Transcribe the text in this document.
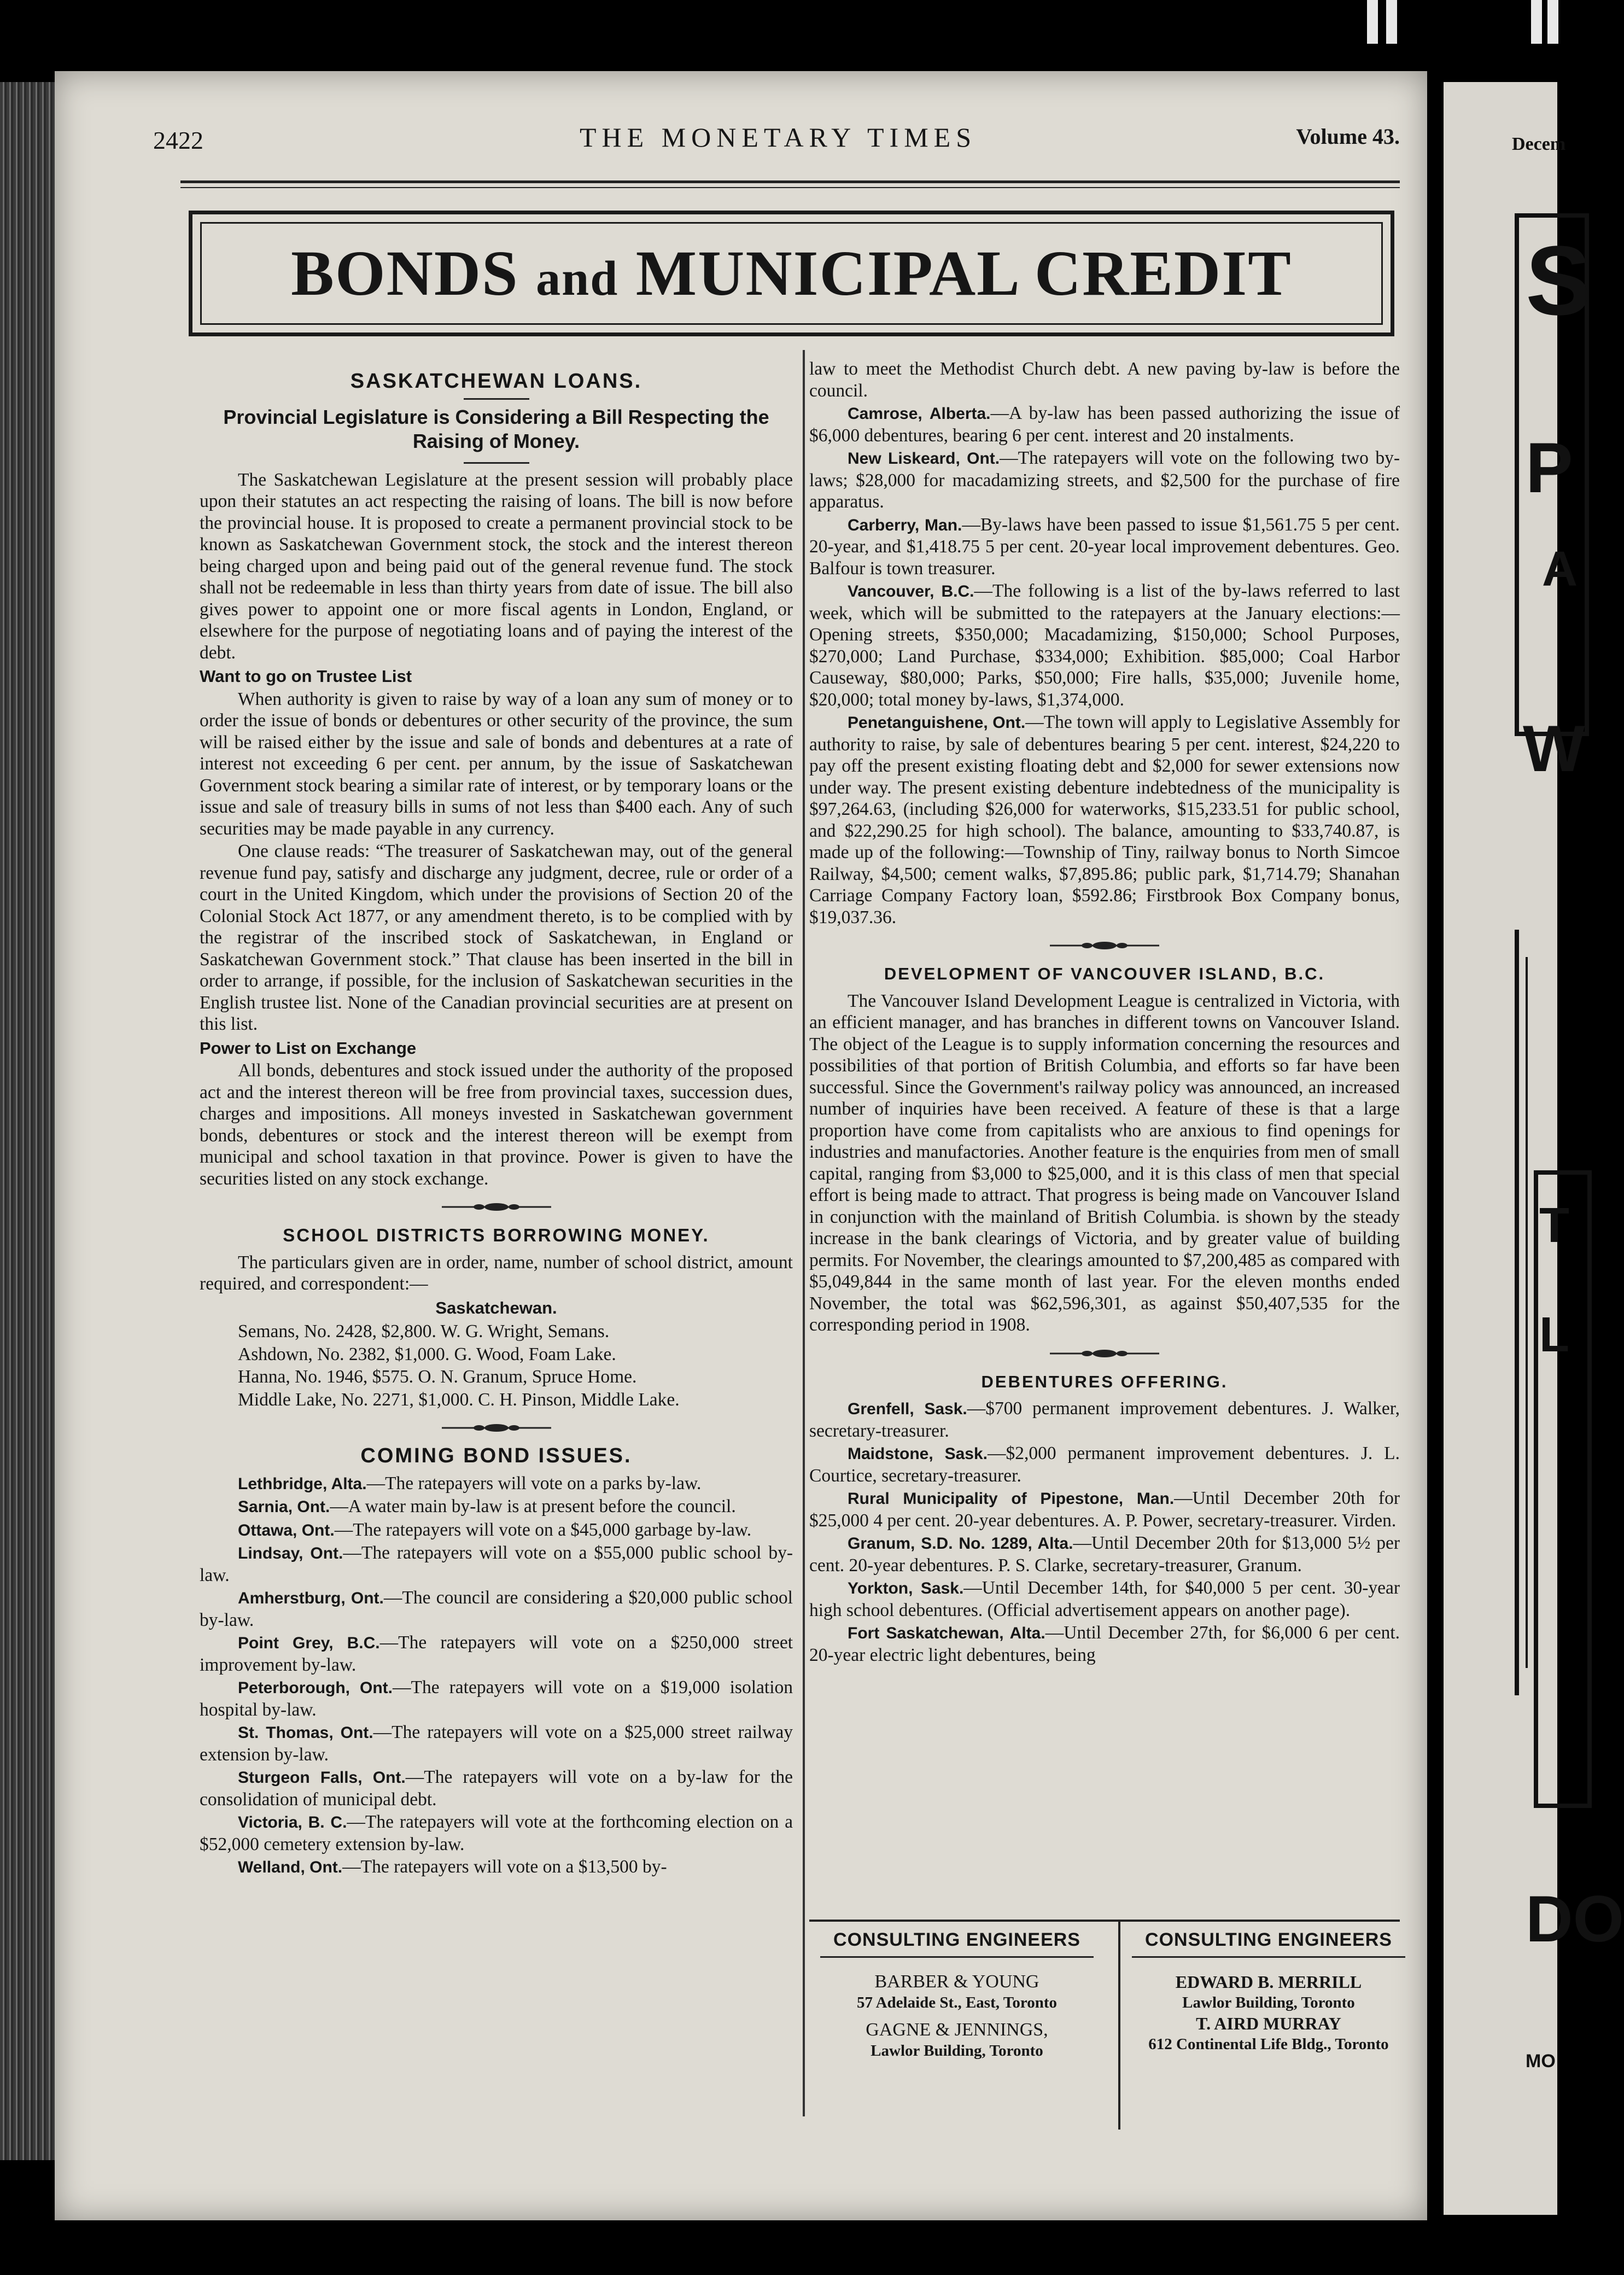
Decem
S
P
A
W
T
L
DO
MO
2422	THE MONETARY TIMES	Volume 43.
BONDS and MUNICIPAL CREDIT
SASKATCHEWAN LOANS.
Provincial Legislature is Considering a Bill Respecting the Raising of Money.

The Saskatchewan Legislature at the present session will probably place upon their statutes an act respecting the raising of loans. The bill is now before the provincial house. It is proposed to create a permanent provincial stock to be known as Saskatchewan Government stock, the stock and the interest thereon being charged upon and being paid out of the general revenue fund. The stock shall not be redeemable in less than thirty years from date of issue. The bill also gives power to appoint one or more fiscal agents in London, England, or elsewhere for the purpose of negotiating loans and of paying the interest of the debt.

Want to go on Trustee List

When authority is given to raise by way of a loan any sum of money or to order the issue of bonds or debentures or other security of the province, the sum will be raised either by the issue and sale of bonds and debentures at a rate of interest not exceeding 6 per cent. per annum, by the issue of Saskatchewan Government stock bearing a similar rate of interest, or by temporary loans or the issue and sale of treasury bills in sums of not less than $400 each. Any of such securities may be made payable in any currency.

One clause reads: “The treasurer of Saskatchewan may, out of the general revenue fund pay, satisfy and discharge any judgment, decree, rule or order of a court in the United Kingdom, which under the provisions of Section 20 of the Colonial Stock Act 1877, or any amendment thereto, is to be complied with by the registrar of the inscribed stock of Saskatchewan, in England or Saskatchewan Government stock.” That clause has been inserted in the bill in order to arrange, if possible, for the inclusion of Saskatchewan securities in the English trustee list. None of the Canadian provincial securities are at present on this list.

Power to List on Exchange

All bonds, debentures and stock issued under the authority of the proposed act and the interest thereon will be free from provincial taxes, succession dues, charges and impositions. All moneys invested in Saskatchewan government bonds, debentures or stock and the interest thereon will be exempt from municipal and school taxation in that province. Power is given to have the securities listed on any stock exchange.

SCHOOL DISTRICTS BORROWING MONEY.

The particulars given are in order, name, number of school district, amount required, and correspondent:—

Saskatchewan.

Semans, No. 2428, $2,800. W. G. Wright, Semans.

Ashdown, No. 2382, $1,000. G. Wood, Foam Lake.

Hanna, No. 1946, $575. O. N. Granum, Spruce Home.

Middle Lake, No. 2271, $1,000. C. H. Pinson, Middle Lake.

COMING BOND ISSUES.

Lethbridge, Alta.—The ratepayers will vote on a parks by-law.

Sarnia, Ont.—A water main by-law is at present before the council.

Ottawa, Ont.—The ratepayers will vote on a $45,000 garbage by-law.

Lindsay, Ont.—The ratepayers will vote on a $55,000 public school by-law.

Amherstburg, Ont.—The council are considering a $20,000 public school by-law.

Point Grey, B.C.—The ratepayers will vote on a $250,000 street improvement by-law.

Peterborough, Ont.—The ratepayers will vote on a $19,000 isolation hospital by-law.

St. Thomas, Ont.—The ratepayers will vote on a $25,000 street railway extension by-law.

Sturgeon Falls, Ont.—The ratepayers will vote on a by-law for the consolidation of municipal debt.

Victoria, B. C.—The ratepayers will vote at the forthcoming election on a $52,000 cemetery extension by-law.

Welland, Ont.—The ratepayers will vote on a $13,500 by-

law to meet the Methodist Church debt. A new paving by-law is before the council.

Camrose, Alberta.—A by-law has been passed authorizing the issue of $6,000 debentures, bearing 6 per cent. interest and 20 instalments.

New Liskeard, Ont.—The ratepayers will vote on the following two by-laws; $28,000 for macadamizing streets, and $2,500 for the purchase of fire apparatus.

Carberry, Man.—By-laws have been passed to issue $1,561.75 5 per cent. 20-year, and $1,418.75 5 per cent. 20-year local improvement debentures. Geo. Balfour is town treasurer.

Vancouver, B.C.—The following is a list of the by-laws referred to last week, which will be submitted to the ratepayers at the January elections:—Opening streets, $350,000; Macadamizing, $150,000; School Purposes, $270,000; Land Purchase, $334,000; Exhibition. $85,000; Coal Harbor Causeway, $80,000; Parks, $50,000; Fire halls, $35,000; Juvenile home, $20,000; total money by-laws, $1,374,000.

Penetanguishene, Ont.—The town will apply to Legislative Assembly for authority to raise, by sale of debentures bearing 5 per cent. interest, $24,220 to pay off the present existing floating debt and $2,000 for sewer extensions now under way. The present existing debenture indebtedness of the municipality is $97,264.63, (including $26,000 for waterworks, $15,233.51 for public school, and $22,290.25 for high school). The balance, amounting to $33,740.87, is made up of the following:—Township of Tiny, railway bonus to North Simcoe Railway, $4,500; cement walks, $7,895.86; public park, $1,714.79; Shanahan Carriage Company Factory loan, $592.86; Firstbrook Box Company bonus, $19,037.36.

DEVELOPMENT OF VANCOUVER ISLAND, B.C.

The Vancouver Island Development League is centralized in Victoria, with an efficient manager, and has branches in different towns on Vancouver Island. The object of the League is to supply information concerning the resources and possibilities of that portion of British Columbia, and efforts so far have been successful. Since the Government's railway policy was announced, an increased number of inquiries have been received. A feature of these is that a large proportion have come from capitalists who are anxious to find openings for industries and manufactories. Another feature is the enquiries from men of small capital, ranging from $3,000 to $25,000, and it is this class of men that special effort is being made to attract. That progress is being made on Vancouver Island in conjunction with the mainland of British Columbia. is shown by the steady increase in the bank clearings of Victoria, and by greater value of building permits. For November, the clearings amounted to $7,200,485 as compared with $5,049,844 in the same month of last year. For the eleven months ended November, the total was $62,596,301, as against $50,407,535 for the corresponding period in 1908.

DEBENTURES OFFERING.

Grenfell, Sask.—$700 permanent improvement debentures. J. Walker, secretary-treasurer.

Maidstone, Sask.—$2,000 permanent improvement debentures. J. L. Courtice, secretary-treasurer.

Rural Municipality of Pipestone, Man.—Until December 20th for $25,000 4 per cent. 20-year debentures. A. P. Power, secretary-treasurer. Virden.

Granum, S.D. No. 1289, Alta.—Until December 20th for $13,000 5½ per cent. 20-year debentures. P. S. Clarke, secretary-treasurer, Granum.

Yorkton, Sask.—Until December 14th, for $40,000 5 per cent. 30-year high school debentures. (Official advertisement appears on another page).

Fort Saskatchewan, Alta.—Until December 27th, for $6,000 6 per cent. 20-year electric light debentures, being

CONSULTING ENGINEERS
BARBER & YOUNG
57 Adelaide St., East, Toronto
GAGNE & JENNINGS,
Lawlor Building, Toronto
CONSULTING ENGINEERS
EDWARD B. MERRILL
Lawlor Building, Toronto
T. AIRD MURRAY
612 Continental Life Bldg., Toronto
